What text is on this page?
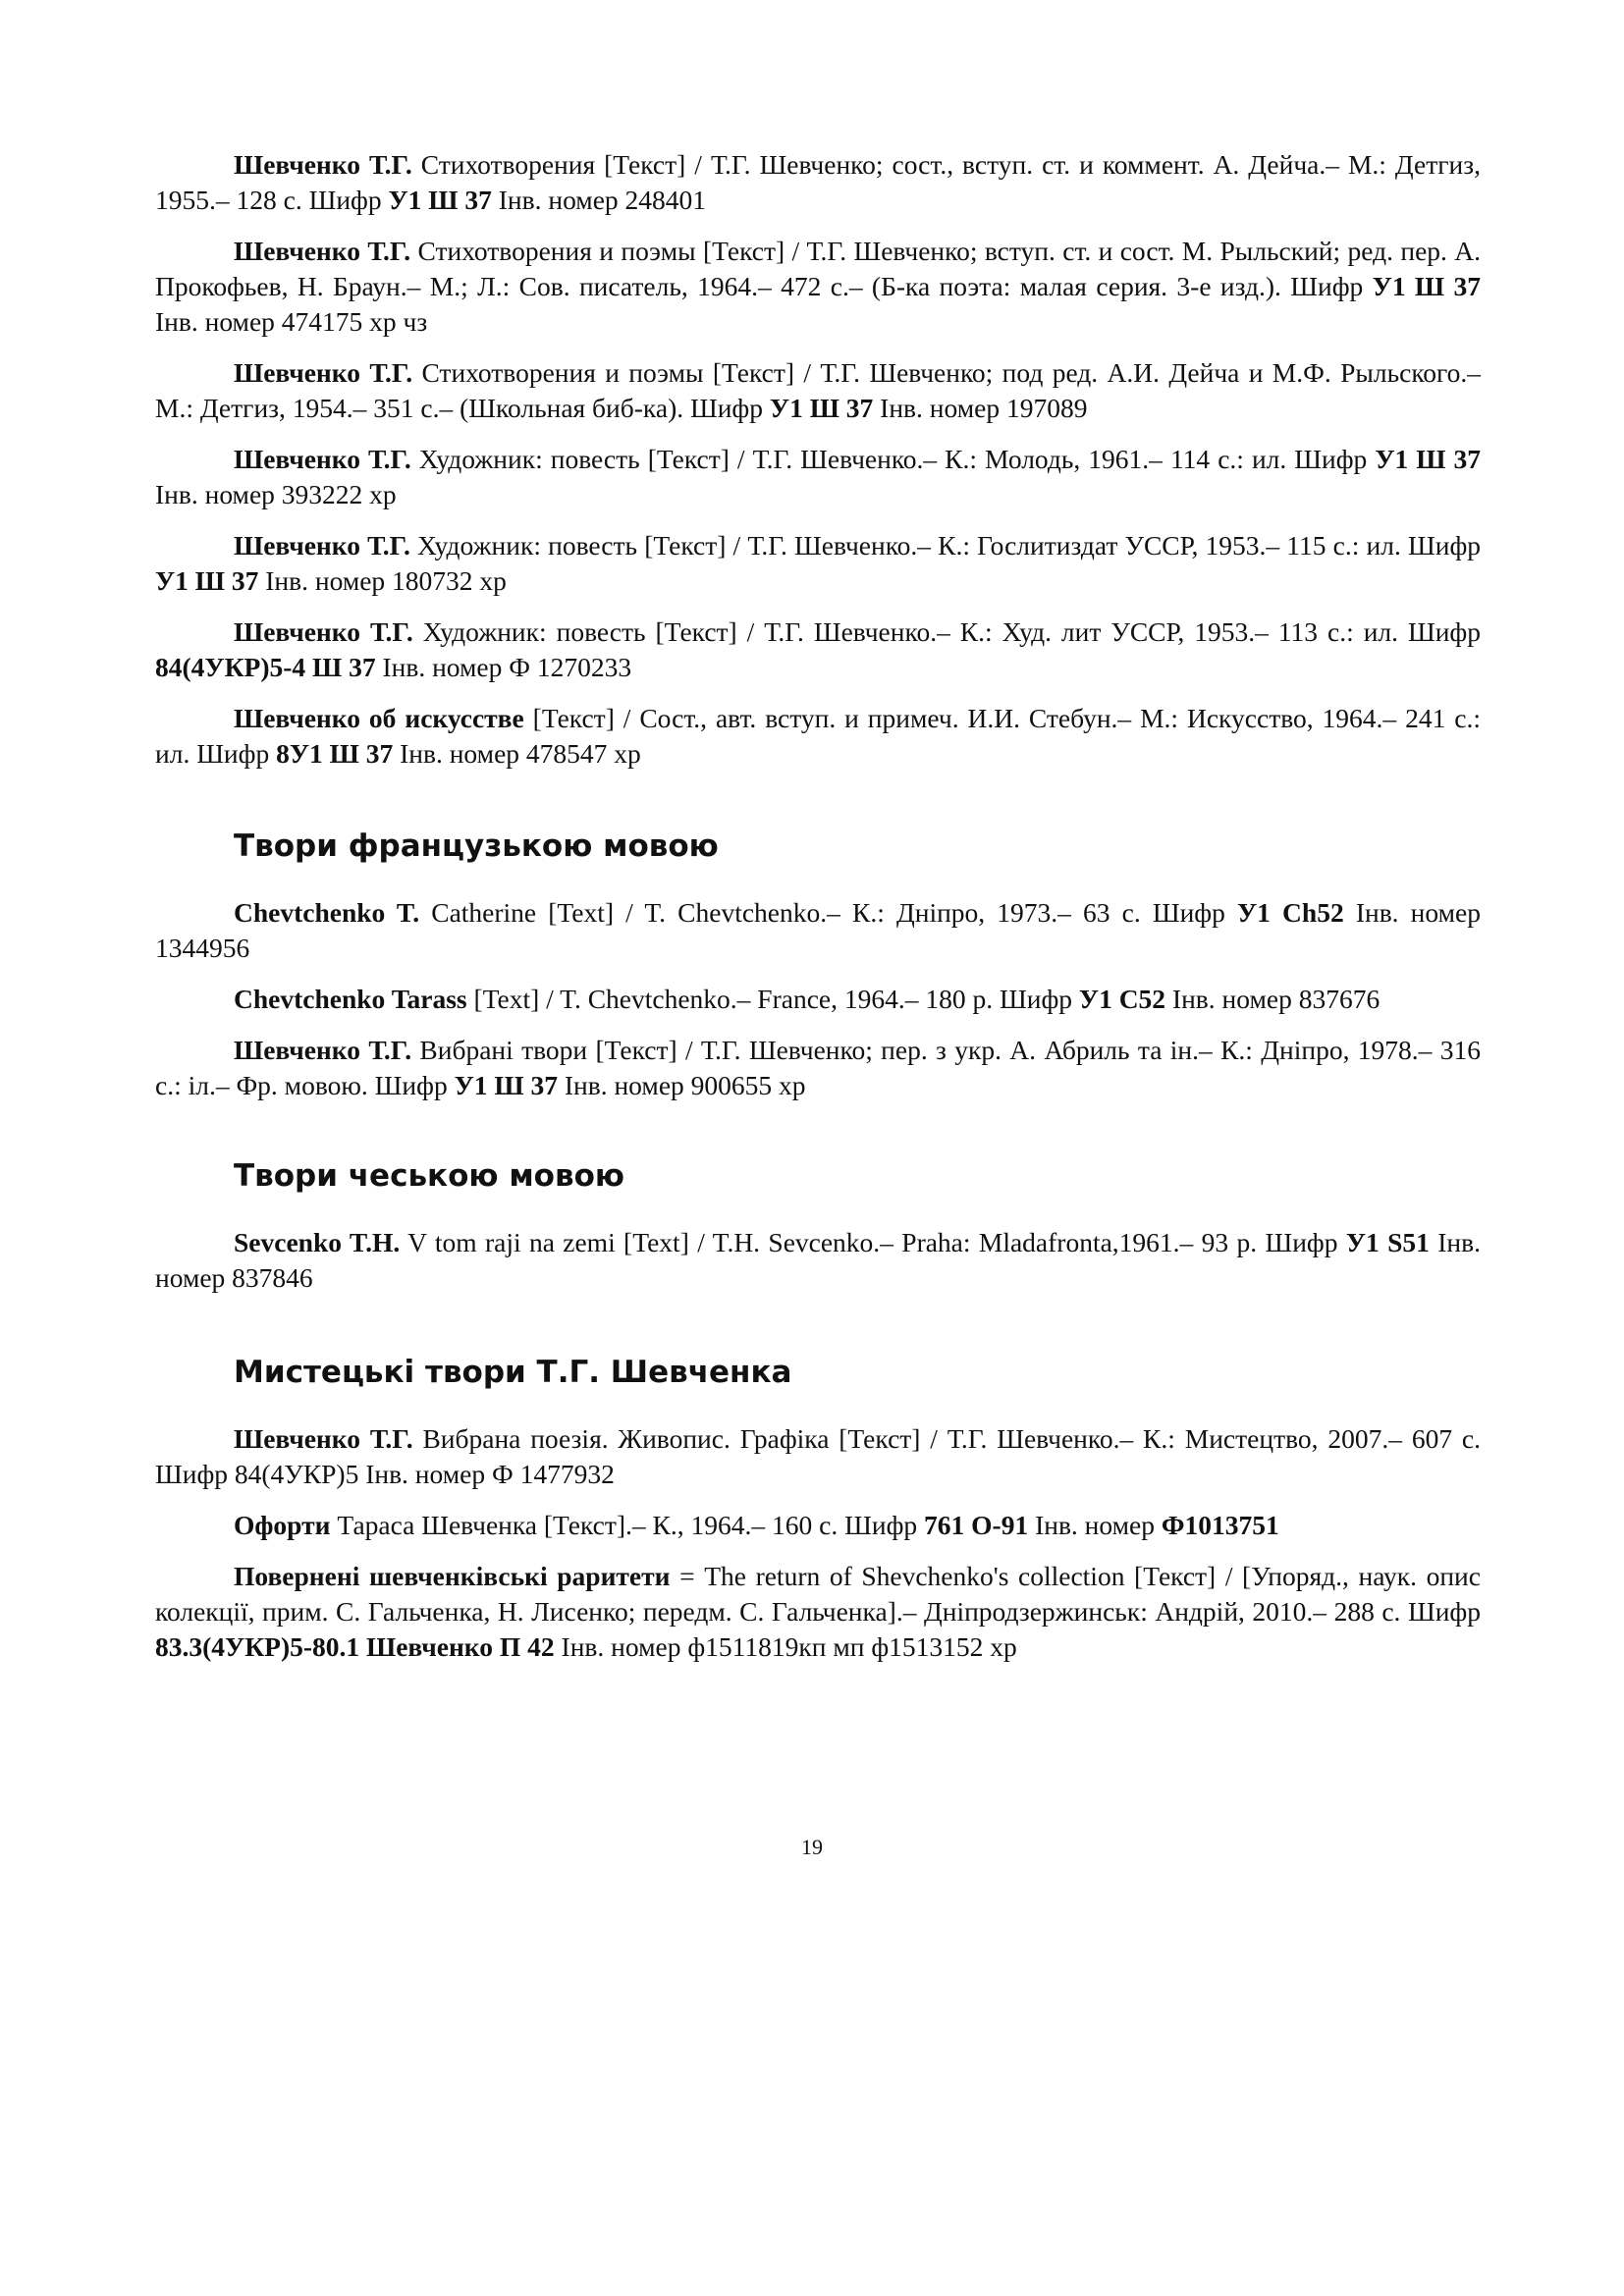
Шевченко Т.Г. Стихотворения [Текст] / Т.Г. Шевченко; сост., вступ. ст. и коммент. А. Дейча.– М.: Детгиз, 1955.– 128 с. Шифр У1 Ш 37 Інв. номер 248401

Шевченко Т.Г. Стихотворения и поэмы [Текст] / Т.Г. Шевченко; вступ. ст. и сост. М. Рыльский; ред. пер. А. Прокофьев, Н. Браун.– М.; Л.: Сов. писатель, 1964.– 472 с.– (Б-ка поэта: малая серия. 3-е изд.). Шифр У1 Ш 37 Інв. номер 474175 хр чз

Шевченко Т.Г. Стихотворения и поэмы [Текст] / Т.Г. Шевченко; под ред. А.И. Дейча и М.Ф. Рыльского.– М.: Детгиз, 1954.– 351 с.– (Школьная биб-ка). Шифр У1 Ш 37 Інв. номер 197089

Шевченко Т.Г. Художник: повесть [Текст] / Т.Г. Шевченко.– К.: Молодь, 1961.– 114 с.: ил. Шифр У1 Ш 37 Інв. номер 393222 хр

Шевченко Т.Г. Художник: повесть [Текст] / Т.Г. Шевченко.– К.: Гослитиздат УССР, 1953.– 115 с.: ил. Шифр У1 Ш 37 Інв. номер 180732 хр

Шевченко Т.Г. Художник: повесть [Текст] / Т.Г. Шевченко.– К.: Худ. лит УССР, 1953.– 113 с.: ил. Шифр 84(4УКР)5-4 Ш 37 Інв. номер Ф 1270233

Шевченко об искусстве [Текст] / Сост., авт. вступ. и примеч. И.И. Стебун.– М.: Искусство, 1964.– 241 с.: ил. Шифр 8У1 Ш 37 Інв. номер 478547 хр

Твори французькою мовою

Chevtchenko T. Catherine [Text] / T. Chevtchenko.– К.: Дніпро, 1973.– 63 с. Шифр У1 Ch52 Інв. номер 1344956

Chevtchenko Tarass [Text] / T. Chevtchenko.– France, 1964.– 180 p. Шифр У1 C52 Інв. номер 837676

Шевченко Т.Г. Вибрані твори [Текст] / Т.Г. Шевченко; пер. з укр. А. Абриль та ін.– К.: Дніпро, 1978.– 316 с.: іл.– Фр. мовою. Шифр У1 Ш 37 Інв. номер 900655 хр

Твори чеською мовою

Sevcenko T.H. V tom raji na zemi [Text] / T.H. Sevcenko.– Praha: Mladafronta,1961.– 93 p. Шифр У1 S51 Інв. номер 837846

Мистецькі твори Т.Г. Шевченка

Шевченко Т.Г. Вибрана поезія. Живопис. Графіка [Текст] / Т.Г. Шевченко.– К.: Мистецтво, 2007.– 607 с. Шифр 84(4УКР)5 Інв. номер Ф 1477932

Офорти Тараса Шевченка [Текст].– К., 1964.– 160 с. Шифр 761 О-91 Інв. номер Ф1013751

Повернені шевченківські раритети = The return of Shevchenko's collection [Текст] / [Упоряд., наук. опис колекції, прим. С. Гальченка, Н. Лисенко; передм. С. Гальченка].– Дніпродзержинськ: Андрій, 2010.– 288 с. Шифр 83.3(4УКР)5-80.1 Шевченко П 42 Інв. номер ф1511819кп мп ф1513152 хр

19
